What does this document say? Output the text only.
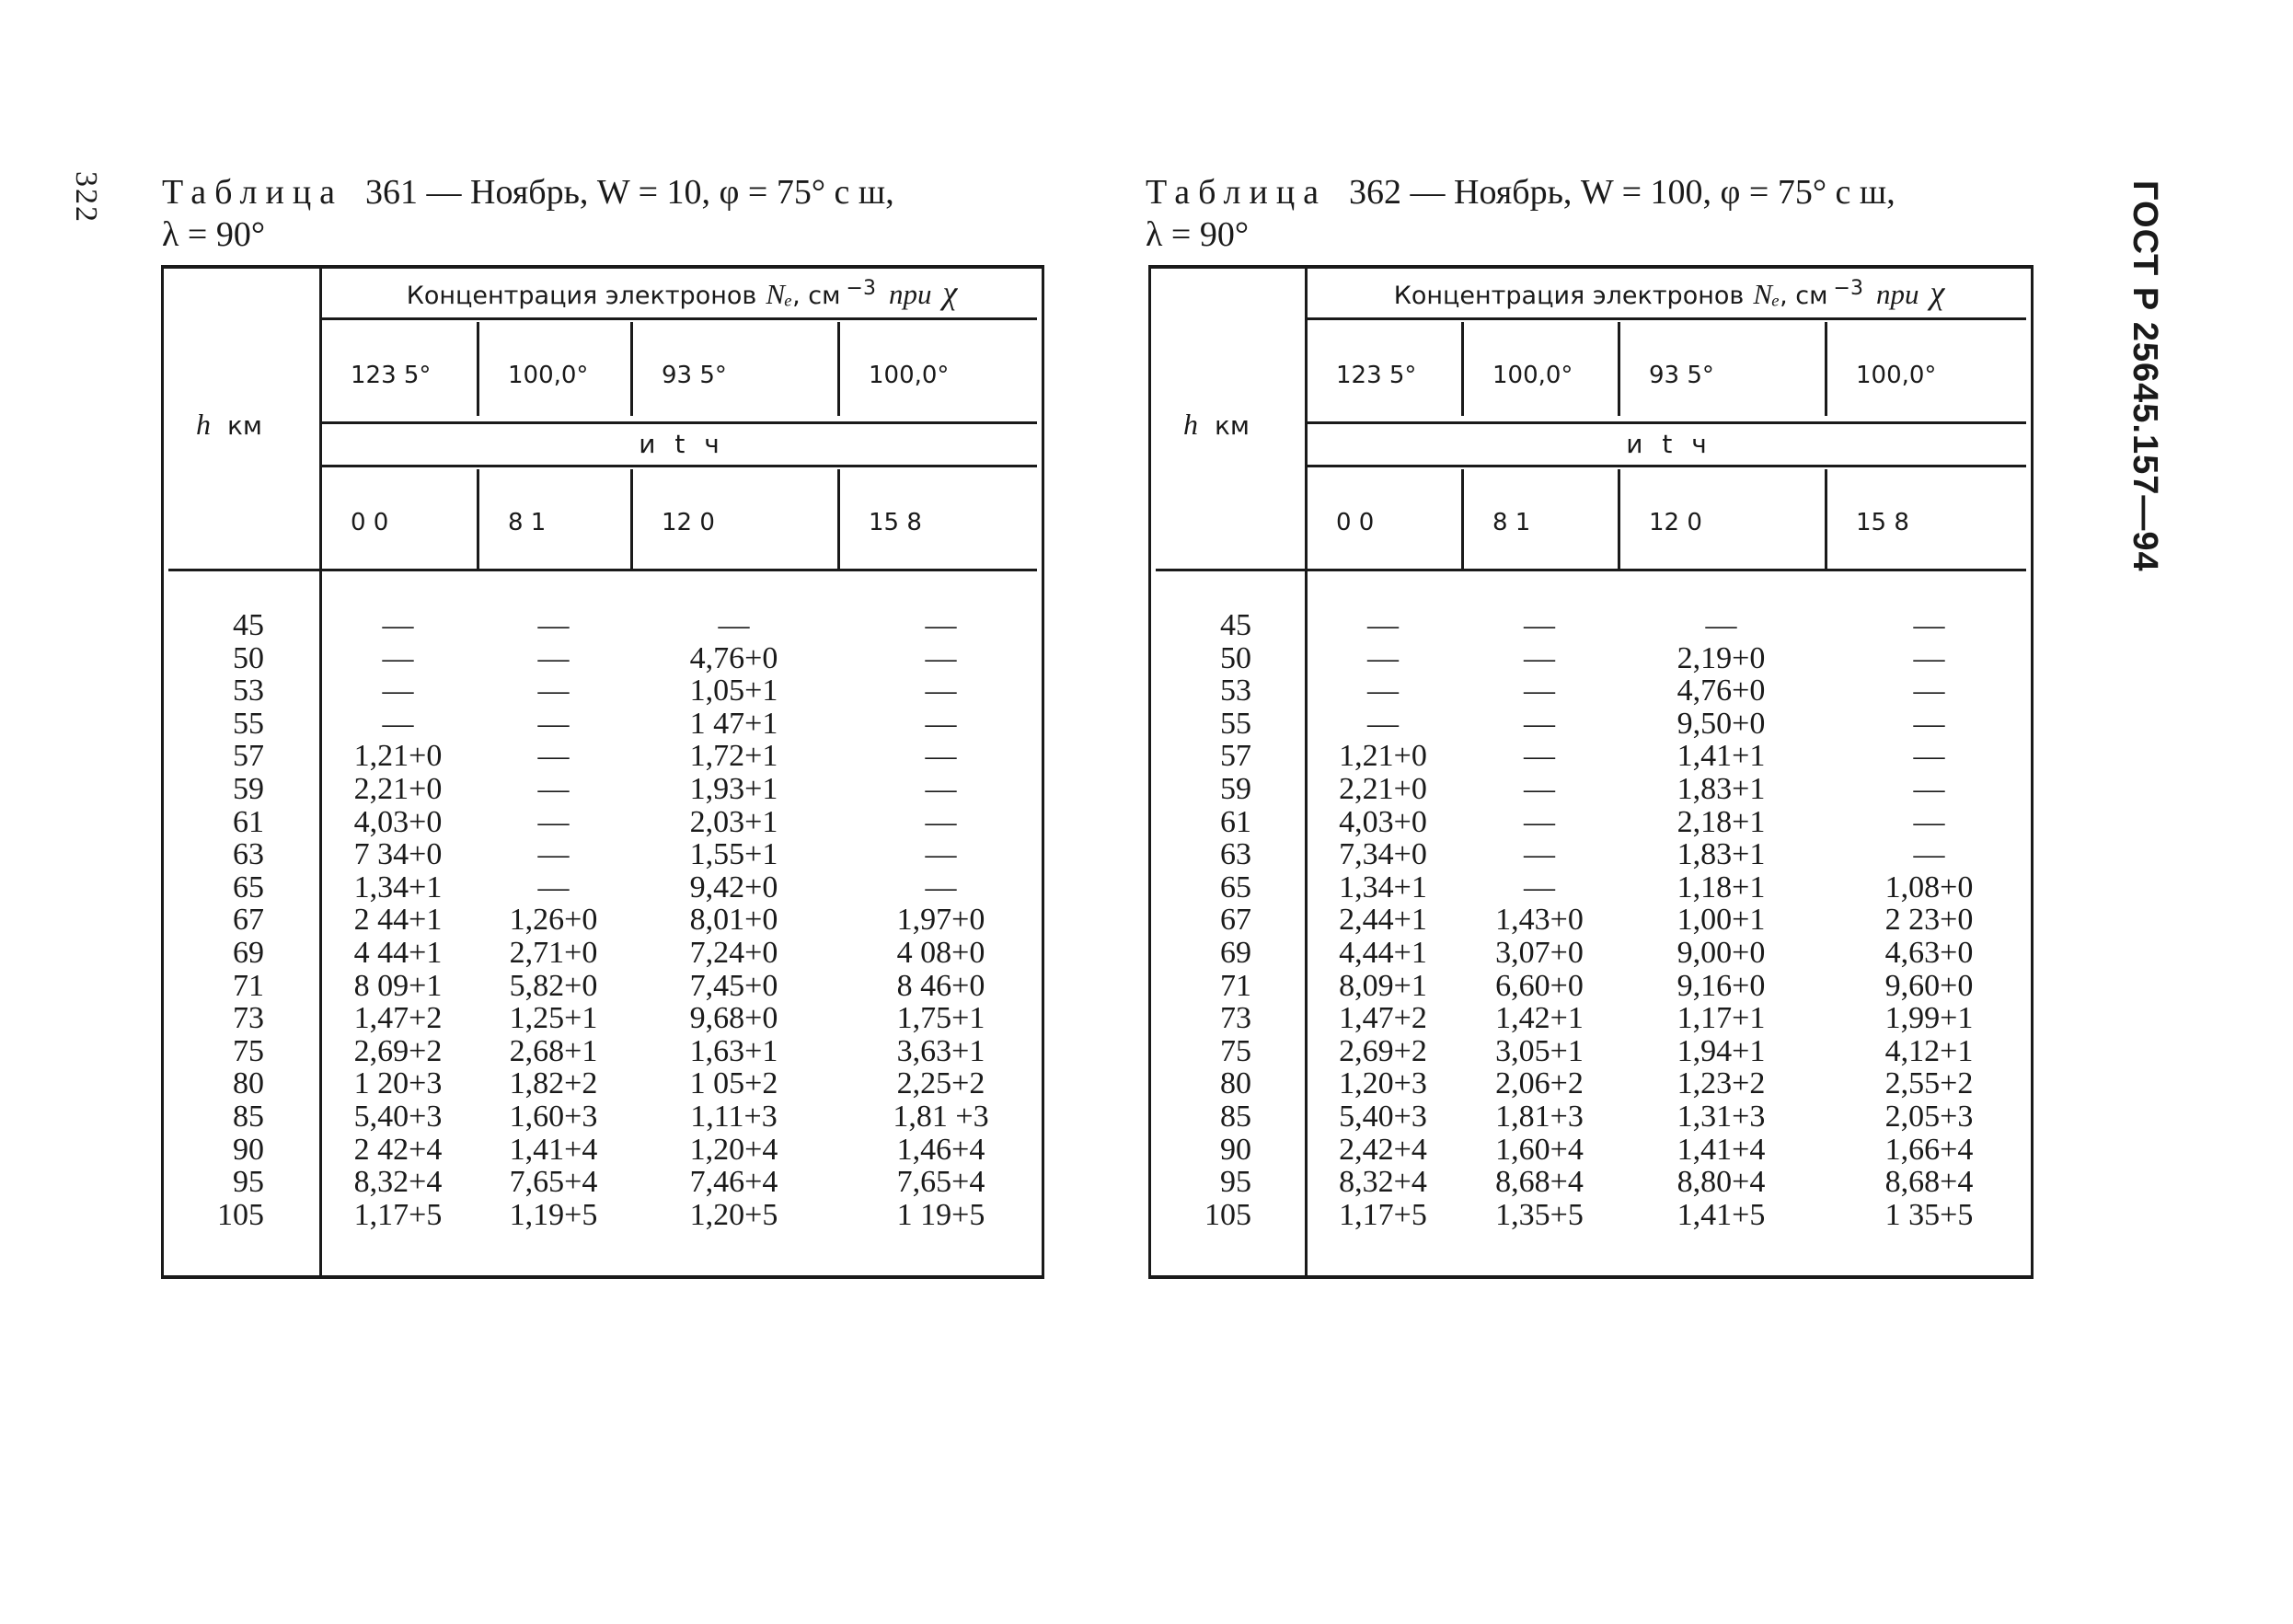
322	ГОСТ Р 25645.157—94
Таблица 361 — Ноябрь, W = 10, φ = 75° с ш,
λ = 90°
h км
Концентрация электронов Nₑ, см $^{-3}$ при χ
123 5°	100,0°	93 5°	100,0°
и t ч
0 0	8 1	12 0	15 8
45	—	—	—	—
50	—	—	4,76+0	—
53	—	—	1,05+1	—
55	—	—	1 47+1	—
57	1,21+0	—	1,72+1	—
59	2,21+0	—	1,93+1	—
61	4,03+0	—	2,03+1	—
63	7 34+0	—	1,55+1	—
65	1,34+1	—	9,42+0	—
67	2 44+1	1,26+0	8,01+0	1,97+0
69	4 44+1	2,71+0	7,24+0	4 08+0
71	8 09+1	5,82+0	7,45+0	8 46+0
73	1,47+2	1,25+1	9,68+0	1,75+1
75	2,69+2	2,68+1	1,63+1	3,63+1
80	1 20+3	1,82+2	1 05+2	2,25+2
85	5,40+3	1,60+3	1,11+3	1,81 +3
90	2 42+4	1,41+4	1,20+4	1,46+4
95	8,32+4	7,65+4	7,46+4	7,65+4
105	1,17+5	1,19+5	1,20+5	1 19+5
Таблица 362 — Ноябрь, W = 100, φ = 75° с ш,
λ = 90°
h км
Концентрация электронов Nₑ, см $^{-3}$ при χ
123 5°	100,0°	93 5°	100,0°
и t ч
0 0	8 1	12 0	15 8
45	—	—	—	—
50	—	—	2,19+0	—
53	—	—	4,76+0	—
55	—	—	9,50+0	—
57	1,21+0	—	1,41+1	—
59	2,21+0	—	1,83+1	—
61	4,03+0	—	2,18+1	—
63	7,34+0	—	1,83+1	—
65	1,34+1	—	1,18+1	1,08+0
67	2,44+1	1,43+0	1,00+1	2 23+0
69	4,44+1	3,07+0	9,00+0	4,63+0
71	8,09+1	6,60+0	9,16+0	9,60+0
73	1,47+2	1,42+1	1,17+1	1,99+1
75	2,69+2	3,05+1	1,94+1	4,12+1
80	1,20+3	2,06+2	1,23+2	2,55+2
85	5,40+3	1,81+3	1,31+3	2,05+3
90	2,42+4	1,60+4	1,41+4	1,66+4
95	8,32+4	8,68+4	8,80+4	8,68+4
105	1,17+5	1,35+5	1,41+5	1 35+5
